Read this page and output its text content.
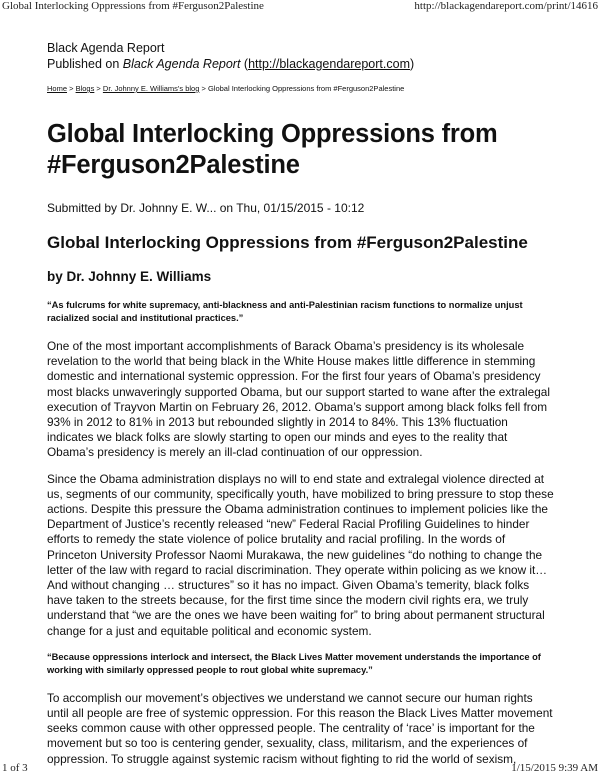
Global Interlocking Oppressions from #Ferguson2Palestine	http://blackagendareport.com/print/14616
Black Agenda Report
Published on Black Agenda Report (http://blackagendareport.com)
Home > Blogs > Dr. Johnny E. Williams's blog > Global Interlocking Oppressions from #Ferguson2Palestine
Global Interlocking Oppressions from #Ferguson2Palestine
Submitted by Dr. Johnny E. W... on Thu, 01/15/2015 - 10:12
Global Interlocking Oppressions from #Ferguson2Palestine
by Dr. Johnny E. Williams
“As fulcrums for white supremacy, anti-blackness and anti-Palestinian racism functions to normalize unjust racialized social and institutional practices.”
One of the most important accomplishments of Barack Obama’s presidency is its wholesale revelation to the world that being black in the White House makes little difference in stemming domestic and international systemic oppression. For the first four years of Obama’s presidency most blacks unwaveringly supported Obama, but our support started to wane after the extralegal execution of Trayvon Martin on February 26, 2012. Obama’s support among black folks fell from 93% in 2012 to 81% in 2013 but rebounded slightly in 2014 to 84%. This 13% fluctuation indicates we black folks are slowly starting to open our minds and eyes to the reality that Obama’s presidency is merely an ill-clad continuation of our oppression.
Since the Obama administration displays no will to end state and extralegal violence directed at us, segments of our community, specifically youth, have mobilized to bring pressure to stop these actions. Despite this pressure the Obama administration continues to implement policies like the Department of Justice’s recently released “new” Federal Racial Profiling Guidelines to hinder efforts to remedy the state violence of police brutality and racial profiling. In the words of Princeton University Professor Naomi Murakawa, the new guidelines “do nothing to change the letter of the law with regard to racial discrimination. They operate within policing as we know it… And without changing … structures” so it has no impact. Given Obama’s temerity, black folks have taken to the streets because, for the first time since the modern civil rights era, we truly understand that “we are the ones we have been waiting for” to bring about permanent structural change for a just and equitable political and economic system.
“Because oppressions interlock and intersect, the Black Lives Matter movement understands the importance of working with similarly oppressed people to rout global white supremacy.”
To accomplish our movement’s objectives we understand we cannot secure our human rights until all people are free of systemic oppression. For this reason the Black Lives Matter movement seeks common cause with other oppressed people. The centrality of ‘race’ is important for the movement but so too is centering gender, sexuality, class, militarism, and the experiences of oppression. To struggle against systemic racism without fighting to rid the world of sexism,
1 of 3	1/15/2015 9:39 AM
